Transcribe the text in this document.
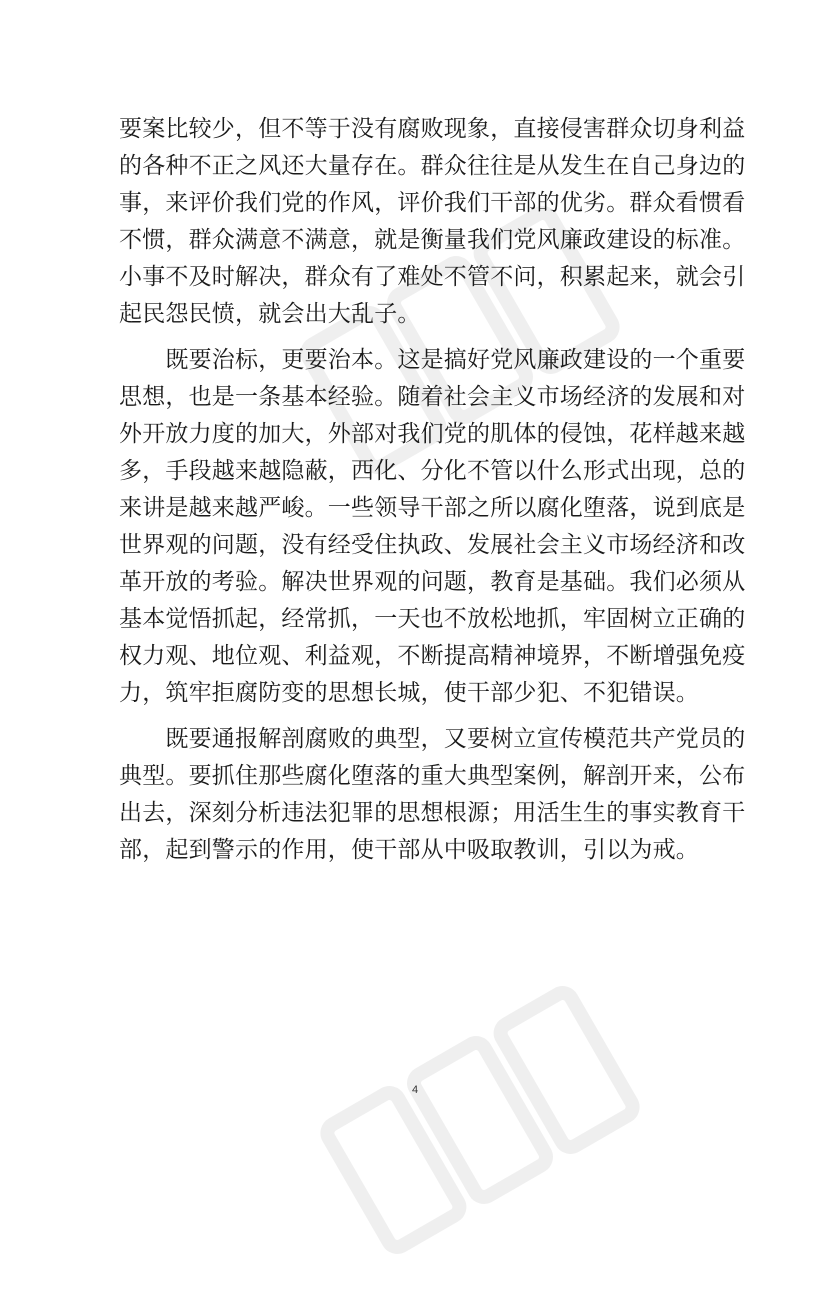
要案比较少，但不等于没有腐败现象，直接侵害群众切身利益
的各种不正之风还大量存在。群众往往是从发生在自己身边的
事，来评价我们党的作风，评价我们干部的优劣。群众看惯看
不惯，群众满意不满意，就是衡量我们党风廉政建设的标准。
小事不及时解决，群众有了难处不管不问，积累起来，就会引
起民怨民愤，就会出大乱子。
　　既要治标，更要治本。这是搞好党风廉政建设的一个重要
思想，也是一条基本经验。随着社会主义市场经济的发展和对
外开放力度的加大，外部对我们党的肌体的侵蚀，花样越来越
多，手段越来越隐蔽，西化、分化不管以什么形式出现，总的
来讲是越来越严峻。一些领导干部之所以腐化堕落，说到底是
世界观的问题，没有经受住执政、发展社会主义市场经济和改
革开放的考验。解决世界观的问题，教育是基础。我们必须从
基本觉悟抓起，经常抓，一天也不放松地抓，牢固树立正确的
权力观、地位观、利益观，不断提高精神境界，不断增强免疫
力，筑牢拒腐防变的思想长城，使干部少犯、不犯错误。
　　既要通报解剖腐败的典型，又要树立宣传模范共产党员的
典型。要抓住那些腐化堕落的重大典型案例，解剖开来，公布
出去，深刻分析违法犯罪的思想根源；用活生生的事实教育干
部，起到警示的作用，使干部从中吸取教训，引以为戒。
4
